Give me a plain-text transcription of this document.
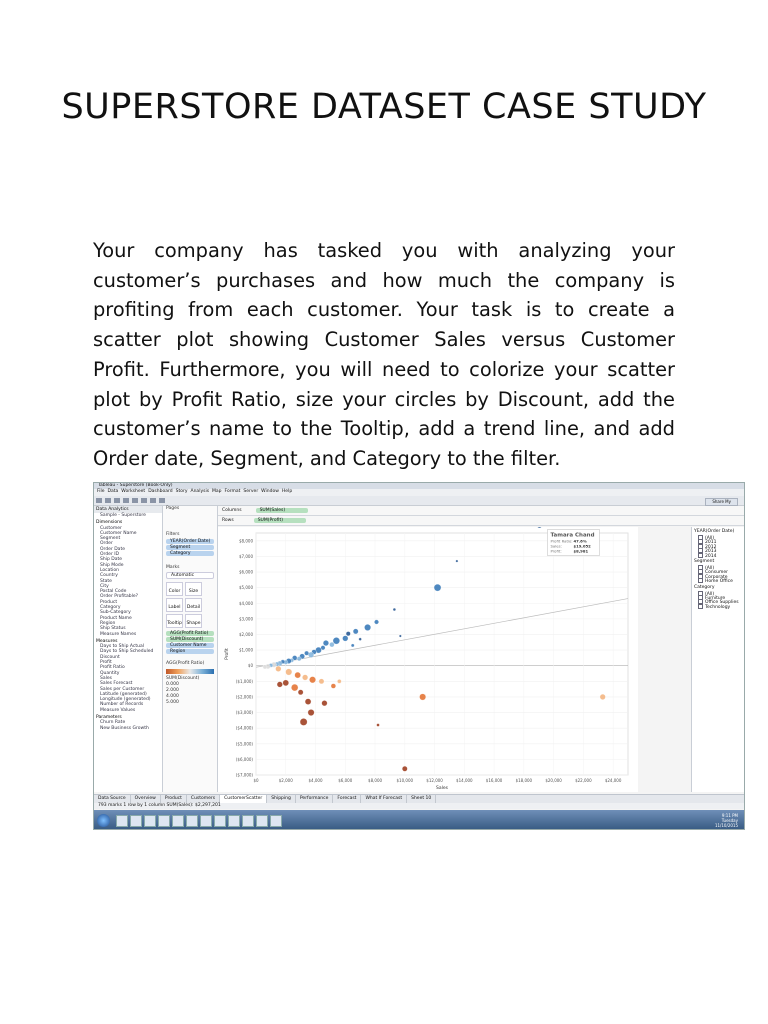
SUPERSTORE DATASET CASE STUDY
Your company has tasked you with analyzing your customer’s purchases and how much the company is profiting from each customer. Your task is to create a scatter plot showing Customer Sales versus Customer Profit. Furthermore, you will need to colorize your scatter plot by Profit Ratio, size your circles by Discount, add the customer’s name to the Tooltip, add a trend line, and add Order date, Segment, and Category to the filter.
Tableau - Superstore (Book-Only)
File Data Worksheet Dashboard Story Analysis Map Format Server Window Help
Share My
Data Analytics
Sample - Superstore
Dimensions
Customer
Customer Name
Segment
Order
Order Date
Order ID
Ship Date
Ship Mode
Location
Country
State
City
Postal Code
Order Profitable?
Product
Category
Sub-Category
Product Name
Region
Ship Status
Measure Names
Measures
Days to Ship Actual
Days to Ship Scheduled
Discount
Profit
Profit Ratio
Quantity
Sales
Sales Forecast
Sales per Customer
Latitude (generated)
Longitude (generated)
Number of Records
Measure Values
Parameters
Churn Rate
New Business Growth
Pages
Filters
YEAR(Order Date)
Segment
Category
Marks
Automatic
Color	Size
Label	Detail
Tooltip	Shape
AGG(Profit Ratio)
SUM(Discount)
Customer Name
Region
AGG(Profit Ratio)
SUM(Discount)
0.000
2.000
4.000
5.000
Columns	SUM(Sales)
Rows	SUM(Profit)
$8,000
$7,000
$6,000
$5,000
$4,000
$3,000
$2,000
$1,000
$0
($1,000)
($2,000)
($3,000)
($4,000)
($5,000)
($6,000)
($7,000)
$0	$2,000	$4,000	$6,000	$8,000	$10,000	$12,000	$14,000	$16,000	$18,000	$20,000	$22,000	$24,000
Sales
Profit
Tamara Chand
Profit Ratio: 47.6%
Sales:	$19,052
Profit:	$8,981
YEAR(Order Date)
(All)
2011
2012
2013
2014
Segment
(All)
Consumer
Corporate
Home Office
Category
(All)
Furniture
Office Supplies
Technology
Data Source Overview Product Customers CustomerScatter Shipping Performance Forecast What If Forecast Sheet 10
793 marks 1 row by 1 column SUM(Sales): $2,297,201
9:11 PM
Tuesday
11/10/2015
